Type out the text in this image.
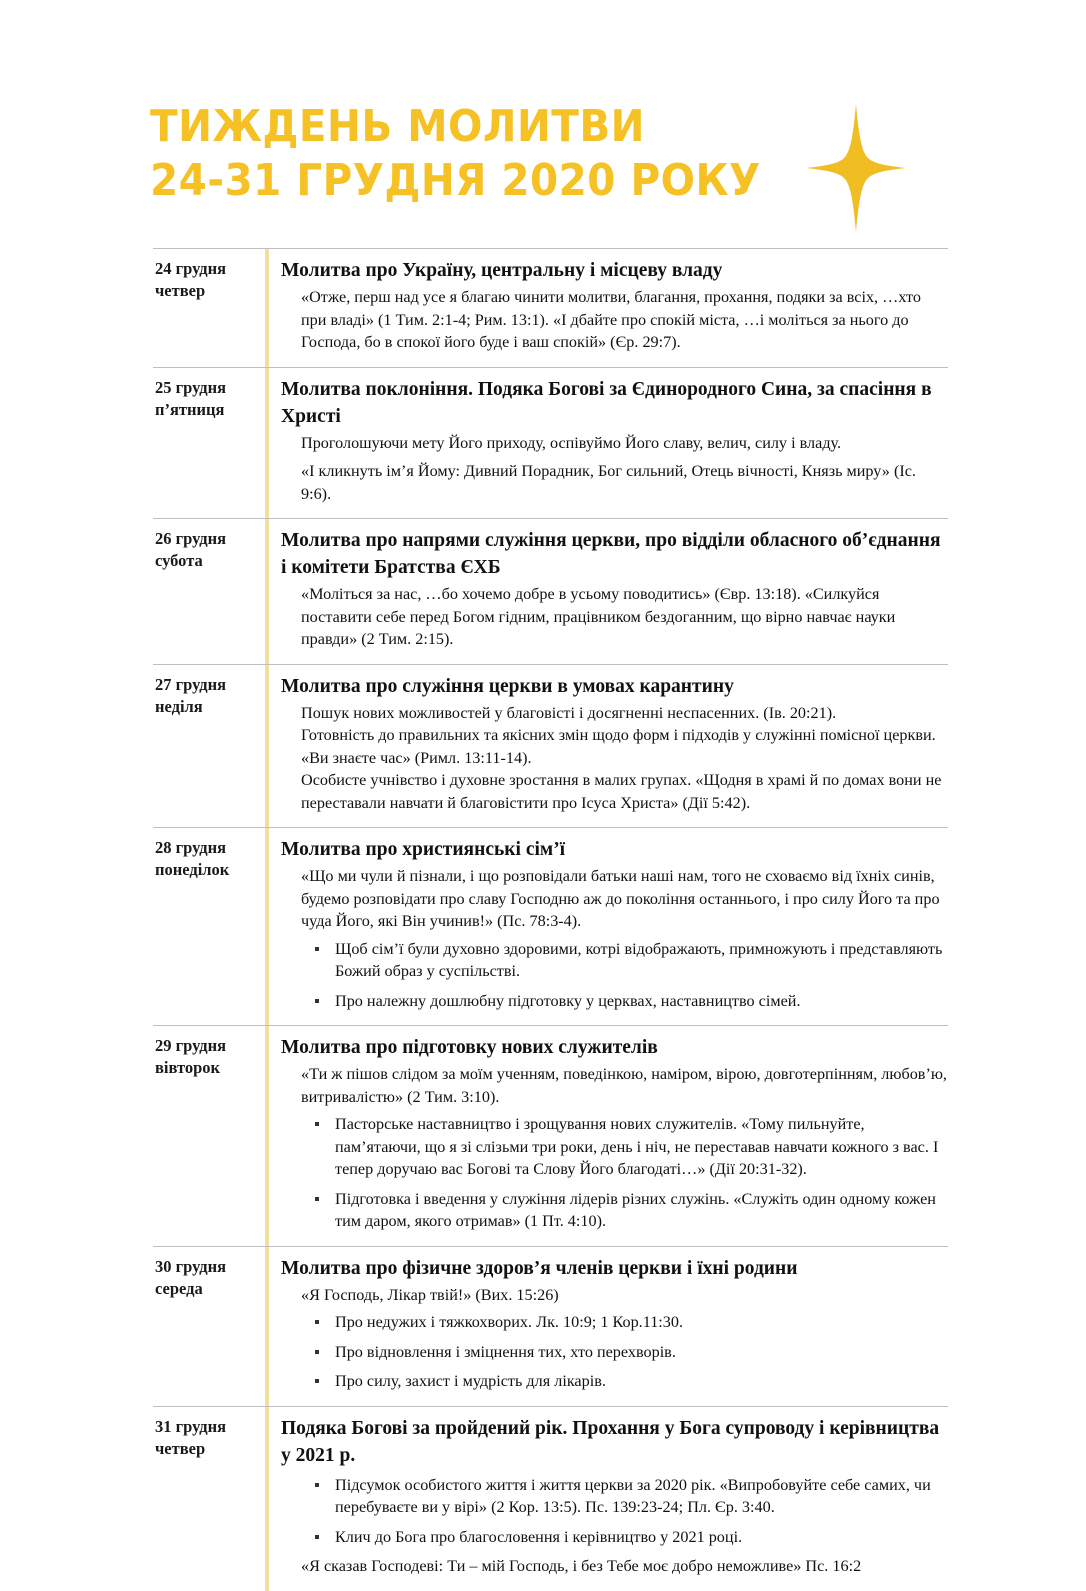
ТИЖДЕНЬ МОЛИТВИ
24-31 ГРУДНЯ 2020 РОКУ
24 грудня
четвер
Молитва про Україну, центральну і місцеву владу

«Отже, перш над усе я благаю чинити молитви, благання, прохання, подяки за всіх, …хто при владі» (1 Тим. 2:1-4; Рим. 13:1). «І дбайте про спокій міста, …і моліться за нього до Господа, бо в спокої його буде і ваш спокій» (Єр. 29:7).

25 грудня
п’ятниця
Молитва поклоніння. Подяка Богові за Єдинородного Сина, за спасіння в Христі

Проголошуючи мету Його приходу, оспівуймо Його славу, велич, силу і владу.

«І кликнуть ім’я Йому: Дивний Порадник, Бог сильний, Отець вічності, Князь миру» (Іс. 9:6).

26 грудня
субота
Молитва про напрями служіння церкви, про відділи обласного об’єднання і комітети Братства ЄХБ

«Моліться за нас, …бо хочемо добре в усьому поводитись» (Євр. 13:18). «Силкуйся поставити себе перед Богом гідним, працівником бездоганним, що вірно навчає науки правди» (2 Тим. 2:15).

27 грудня
неділя
Молитва про служіння церкви в умовах карантину

Пошук нових можливостей у благовісті і досягненні неспасенних. (Ів. 20:21).

Готовність до правильних та якісних змін щодо форм і підходів у служінні помісної церкви. «Ви знаєте час» (Римл. 13:11-14).

Особисте учнівство і духовне зростання в малих групах. «Щодня в храмі й по домах вони не переставали навчати й благовістити про Ісуса Христа» (Дії 5:42).

28 грудня
понеділок
Молитва про християнські сім’ї

«Що ми чули й пізнали, і що розповідали батьки наші нам, того не сховаємо від їхніх синів, будемо розповідати про славу Господню аж до покоління останнього, і про силу Його та про чуда Його, які Він учинив!» (Пс. 78:3-4).

Щоб сім’ї були духовно здоровими, котрі відображають, примножують і представляють Божий образ у суспільстві.
Про належну дошлюбну підготовку у церквах, наставництво сімей.
29 грудня
вівторок
Молитва про підготовку нових служителів

«Ти ж пішов слідом за моїм ученням, поведінкою, наміром, вірою, довготерпінням, любов’ю, витривалістю» (2 Тим. 3:10).

Пасторське наставництво і зрощування нових служителів. «Тому пильнуйте, пам’ятаючи, що я зі слізьми три роки, день і ніч, не переставав навчати кожного з вас. І тепер доручаю вас Богові та Слову Його благодаті…» (Дії 20:31-32).
Підготовка і введення у служіння лідерів різних служінь. «Служіть один одному кожен тим даром, якого отримав» (1 Пт. 4:10).
30 грудня
середа
Молитва про фізичне здоров’я членів церкви і їхні родини

«Я Господь, Лікар твій!» (Вих. 15:26)

Про недужих і тяжкохворих. Лк. 10:9; 1 Кор.11:30.
Про відновлення і зміцнення тих, хто перехворів.
Про силу, захист і мудрість для лікарів.
31 грудня
четвер
Подяка Богові за пройдений рік. Прохання у Бога супроводу і керівництва у 2021 р.
Підсумок особистого життя і життя церкви за 2020 рік. «Випробовуйте себе самих, чи перебуваєте ви у вірі» (2 Кор. 13:5). Пс. 139:23-24; Пл. Єр. 3:40.
Клич до Бога про благословення і керівництво у 2021 році.

«Я сказав Господеві: Ти – мій Господь, і без Тебе моє добро неможливе» Пс. 16:2
